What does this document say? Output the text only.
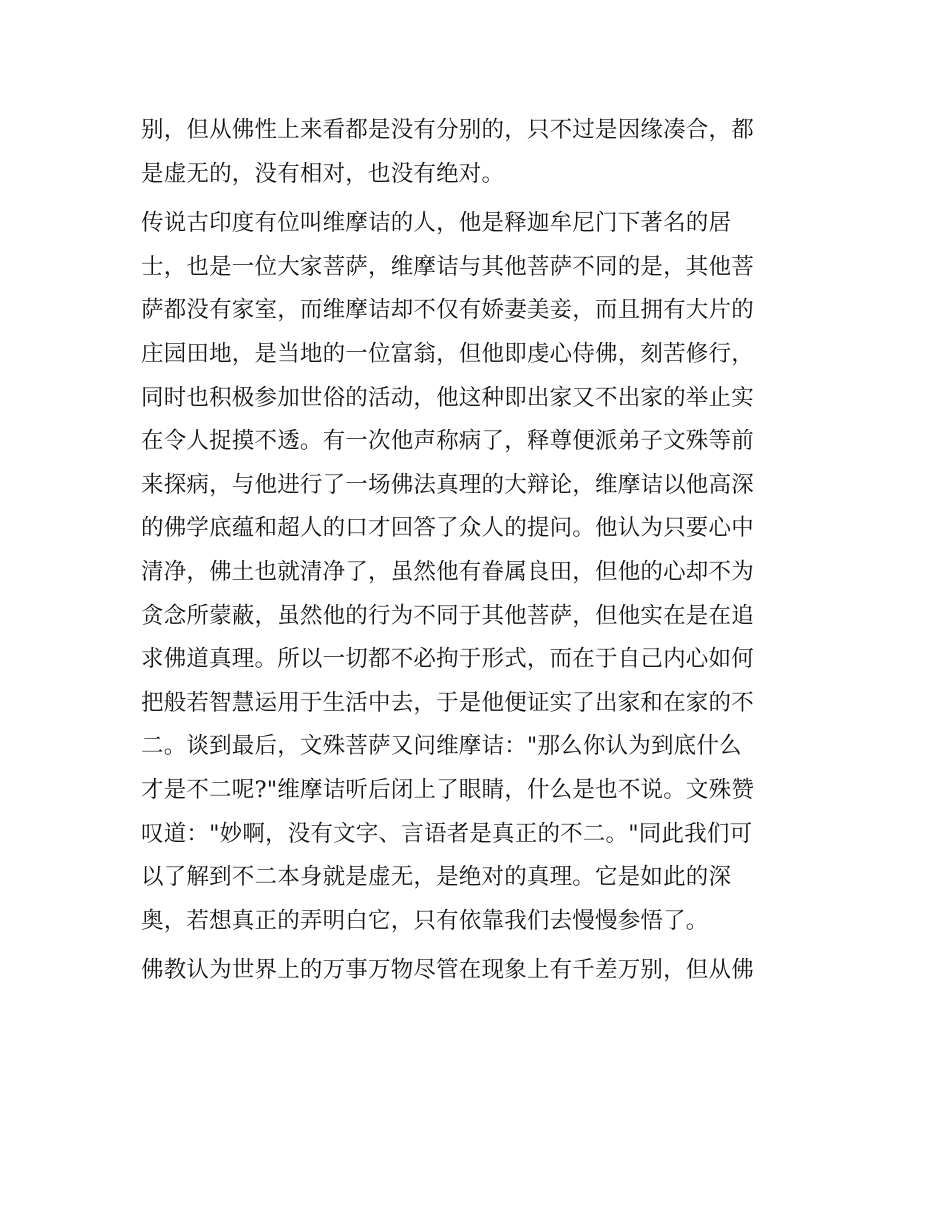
别，但从佛性上来看都是没有分别的，只不过是因缘凑合，都
是虚无的，没有相对，也没有绝对。
传说古印度有位叫维摩诘的人，他是释迦牟尼门下著名的居
士，也是一位大家菩萨，维摩诘与其他菩萨不同的是，其他菩
萨都没有家室，而维摩诘却不仅有娇妻美妾，而且拥有大片的
庄园田地，是当地的一位富翁，但他即虔心侍佛，刻苦修行，
同时也积极参加世俗的活动，他这种即出家又不出家的举止实
在令人捉摸不透。有一次他声称病了，释尊便派弟子文殊等前
来探病，与他进行了一场佛法真理的大辩论，维摩诘以他高深
的佛学底蕴和超人的口才回答了众人的提问。他认为只要心中
清净，佛土也就清净了，虽然他有眷属良田，但他的心却不为
贪念所蒙蔽，虽然他的行为不同于其他菩萨，但他实在是在追
求佛道真理。所以一切都不必拘于形式，而在于自己内心如何
把般若智慧运用于生活中去，于是他便证实了出家和在家的不
二。谈到最后，文殊菩萨又问维摩诘："那么你认为到底什么
才是不二呢?"维摩诘听后闭上了眼睛，什么是也不说。文殊赞
叹道："妙啊，没有文字、言语者是真正的不二。"同此我们可
以了解到不二本身就是虚无，是绝对的真理。它是如此的深
奥，若想真正的弄明白它，只有依靠我们去慢慢参悟了。
佛教认为世界上的万事万物尽管在现象上有千差万别，但从佛
